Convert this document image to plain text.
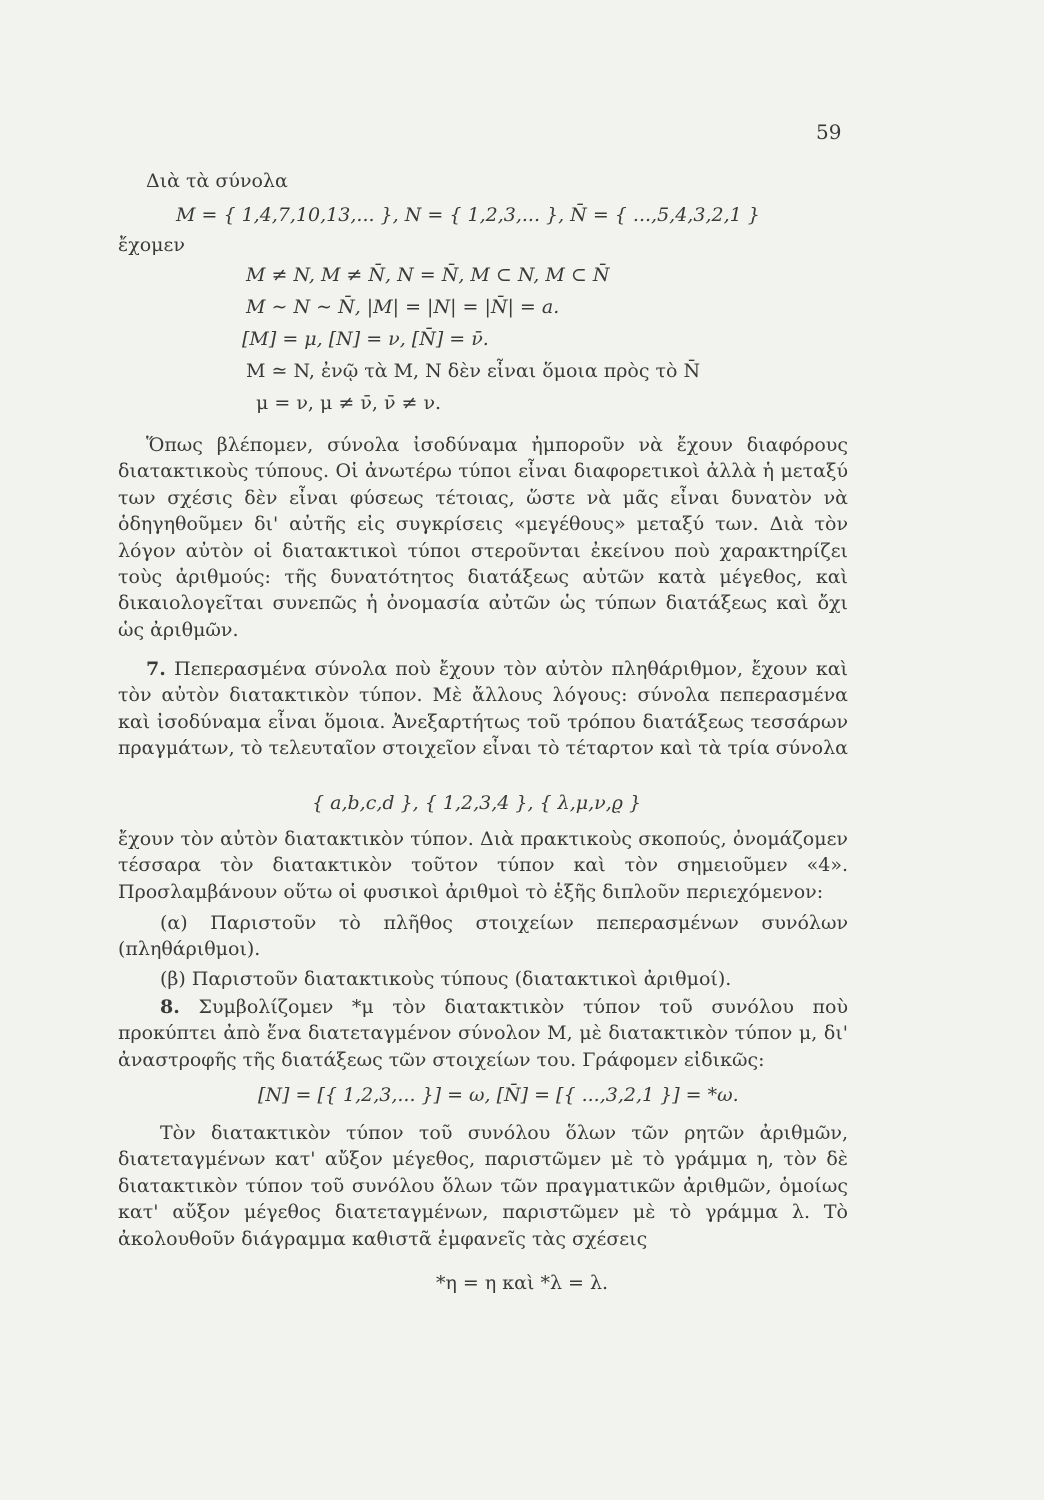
59
Διὰ τὰ σύνολα
M = { 1,4,7,10,13,... }, N = { 1,2,3,... }, N̄ = { ...,5,4,3,2,1 }
ἔχομεν
M ≠ N, M ≠ N̄, N = N̄, M ⊂ N, M ⊂ N̄
M ∼ N ∼ N̄, |M| = |N| = |N̄| = a.
[M] = μ, [N] = ν, [N̄] = ν̄.
M ≃ N, ἐνῷ τὰ M, N δὲν εἶναι ὅμοια πρὸς τὸ N̄
μ = ν, μ ≠ ν̄, ν̄ ≠ ν.
Ὅπως βλέπομεν, σύνολα ἰσοδύναμα ἠμποροῦν νὰ ἔχουν διαφόρους διατακτικοὺς τύπους. Οἱ ἀνωτέρω τύποι εἶναι διαφορετικοὶ ἀλλὰ ἡ μεταξύ των σχέσις δὲν εἶναι φύσεως τέτοιας, ὥστε νὰ μᾶς εἶναι δυνατὸν νὰ ὁδηγηθοῦμεν δι' αὐτῆς εἰς συγκρίσεις «μεγέθους» μεταξύ των. Διὰ τὸν λόγον αὐτὸν οἱ διατακτικοὶ τύποι στεροῦνται ἐκείνου ποὺ χαρακτηρίζει τοὺς ἀριθμούς: τῆς δυνατότητος διατάξεως αὐτῶν κατὰ μέγεθος, καὶ δικαιολογεῖται συνεπῶς ἡ ὀνομασία αὐτῶν ὡς τύπων διατάξεως καὶ ὄχι ὡς ἀριθμῶν.
7. Πεπερασμένα σύνολα ποὺ ἔχουν τὸν αὐτὸν πληθάριθμον, ἔχουν καὶ τὸν αὐτὸν διατακτικὸν τύπον. Μὲ ἄλλους λόγους: σύνολα πεπερασμένα καὶ ἰσοδύναμα εἶναι ὅμοια. Ἀνεξαρτήτως τοῦ τρόπου διατάξεως τεσσάρων πραγμάτων, τὸ τελευταῖον στοιχεῖον εἶναι τὸ τέταρτον καὶ τὰ τρία σύνολα
{ a,b,c,d }, { 1,2,3,4 }, { λ,μ,ν,ϱ }
ἔχουν τὸν αὐτὸν διατακτικὸν τύπον. Διὰ πρακτικοὺς σκοπούς, ὀνομάζομεν τέσσαρα τὸν διατακτικὸν τοῦτον τύπον καὶ τὸν σημειοῦμεν «4». Προσλαμβάνουν οὕτω οἱ φυσικοὶ ἀριθμοὶ τὸ ἑξῆς διπλοῦν περιεχόμενον:
(α) Παριστοῦν τὸ πλῆθος στοιχείων πεπερασμένων συνόλων (πληθάριθμοι).
(β) Παριστοῦν διατακτικοὺς τύπους (διατακτικοὶ ἀριθμοί).
8. Συμβολίζομεν *μ τὸν διατακτικὸν τύπον τοῦ συνόλου ποὺ προκύπτει ἀπὸ ἕνα διατεταγμένον σύνολον M, μὲ διατακτικὸν τύπον μ, δι' ἀναστροφῆς τῆς διατάξεως τῶν στοιχείων του. Γράφομεν εἰδικῶς:
[N] = [{ 1,2,3,... }] = ω, [N̄] = [{ ...,3,2,1 }] = *ω.
Τὸν διατακτικὸν τύπον τοῦ συνόλου ὅλων τῶν ρητῶν ἀριθμῶν, διατεταγμένων κατ' αὔξον μέγεθος, παριστῶμεν μὲ τὸ γράμμα η, τὸν δὲ διατακτικὸν τύπον τοῦ συνόλου ὅλων τῶν πραγματικῶν ἀριθμῶν, ὁμοίως κατ' αὔξον μέγεθος διατεταγμένων, παριστῶμεν μὲ τὸ γράμμα λ. Τὸ ἀκολουθοῦν διάγραμμα καθιστᾶ ἐμφανεῖς τὰς σχέσεις
*η = η καὶ *λ = λ.
